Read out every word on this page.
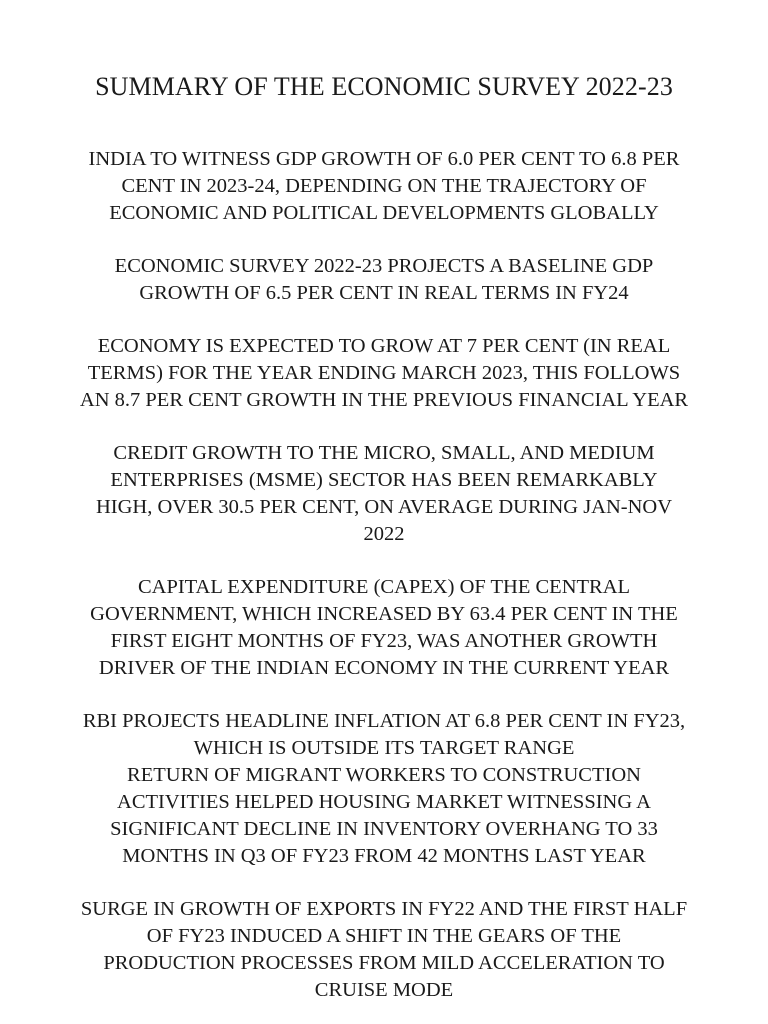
SUMMARY OF THE ECONOMIC SURVEY 2022-23

INDIA TO WITNESS GDP GROWTH OF 6.0 PER CENT TO 6.8 PER
CENT IN 2023-24, DEPENDING ON THE TRAJECTORY OF
ECONOMIC AND POLITICAL DEVELOPMENTS GLOBALLY

ECONOMIC SURVEY 2022-23 PROJECTS A BASELINE GDP
GROWTH OF 6.5 PER CENT IN REAL TERMS IN FY24

ECONOMY IS EXPECTED TO GROW AT 7 PER CENT (IN REAL
TERMS) FOR THE YEAR ENDING MARCH 2023, THIS FOLLOWS
AN 8.7 PER CENT GROWTH IN THE PREVIOUS FINANCIAL YEAR

CREDIT GROWTH TO THE MICRO, SMALL, AND MEDIUM
ENTERPRISES (MSME) SECTOR HAS BEEN REMARKABLY
HIGH, OVER 30.5 PER CENT, ON AVERAGE DURING JAN-NOV
2022

CAPITAL EXPENDITURE (CAPEX) OF THE CENTRAL
GOVERNMENT, WHICH INCREASED BY 63.4 PER CENT IN THE
FIRST EIGHT MONTHS OF FY23, WAS ANOTHER GROWTH
DRIVER OF THE INDIAN ECONOMY IN THE CURRENT YEAR

RBI PROJECTS HEADLINE INFLATION AT 6.8 PER CENT IN FY23,
WHICH IS OUTSIDE ITS TARGET RANGE

RETURN OF MIGRANT WORKERS TO CONSTRUCTION
ACTIVITIES HELPED HOUSING MARKET WITNESSING A
SIGNIFICANT DECLINE IN INVENTORY OVERHANG TO 33
MONTHS IN Q3 OF FY23 FROM 42 MONTHS LAST YEAR

SURGE IN GROWTH OF EXPORTS IN FY22 AND THE FIRST HALF
OF FY23 INDUCED A SHIFT IN THE GEARS OF THE
PRODUCTION PROCESSES FROM MILD ACCELERATION TO
CRUISE MODE
